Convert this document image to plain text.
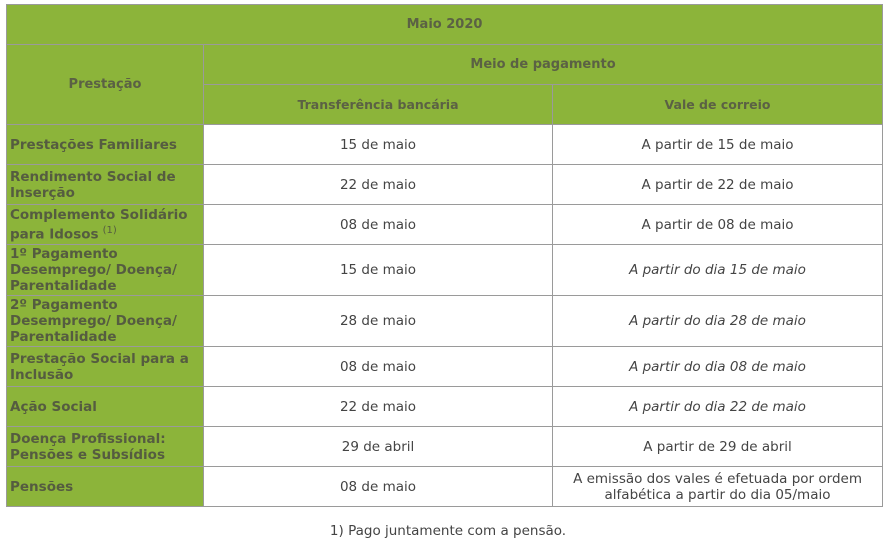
Maio 2020		
Prestação	Meio de pagamento	
	Transferência bancária	Vale de correio
Prestações Familiares	15 de maio	A partir de 15 de maio
Rendimento Social de Inserção	22 de maio	A partir de 22 de maio
Complemento Solidário para Idosos $^{(1)}$	08 de maio	A partir de 08 de maio
1º Pagamento Desemprego/ Doença/ Parentalidade	15 de maio	A partir do dia 15 de maio
2º Pagamento Desemprego/ Doença/ Parentalidade	28 de maio	A partir do dia 28 de maio
Prestação Social para a Inclusão	08 de maio	A partir do dia 08 de maio
Ação Social	22 de maio	A partir do dia 22 de maio
Doença Profissional: Pensões e Subsídios	29 de abril	A partir de 29 de abril
Pensões	08 de maio	A emissão dos vales é efetuada por ordem alfabética a partir do dia 05/maio
1) Pago juntamente com a pensão.
